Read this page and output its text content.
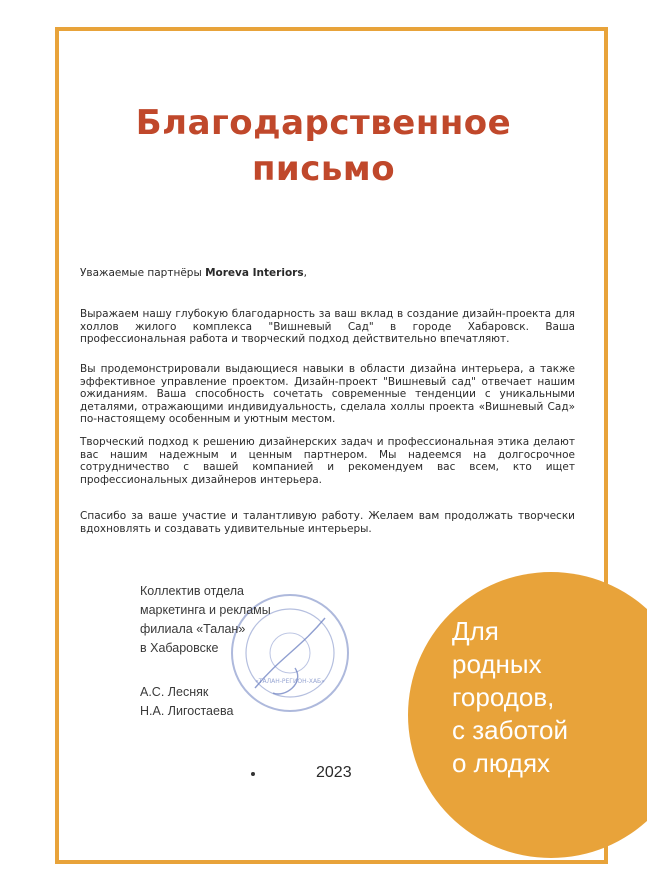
Благодарственное
письмо
Уважаемые партнёры Moreva Interiors,
Выражаем нашу глубокую благодарность за ваш вклад в создание дизайн-проекта для холлов жилого комплекса "Вишневый Сад" в городе Хабаровск. Ваша профессиональная работа и творческий подход действительно впечатляют.
Вы продемонстрировали выдающиеся навыки в области дизайна интерьера, а также эффективное управление проектом. Дизайн-проект "Вишневый сад" отвечает нашим ожиданиям. Ваша способность сочетать современные тенденции с уникальными деталями, отражающими индивидуальность, сделала холлы проекта «Вишневый Сад» по-настоящему особенным и уютным местом.
Творческий подход к решению дизайнерских задач и профессиональная этика делают вас нашим надежным и ценным партнером. Мы надеемся на долгосрочное сотрудничество с вашей компанией и рекомендуем вас всем, кто ищет профессиональных дизайнеров интерьера.
Спасибо за ваше участие и талантливую работу. Желаем вам продолжать творчески вдохновлять и создавать удивительные интерьеры.
«ТАЛАН-РЕГИОН-ХАБ»
Коллектив отдела
маркетинга и рекламы
филиала «Талан»
в Хабаровске
А.С. Лесняк
Н.А. Лигостаева
2023
Для
родных
городов,
с заботой
о людях
